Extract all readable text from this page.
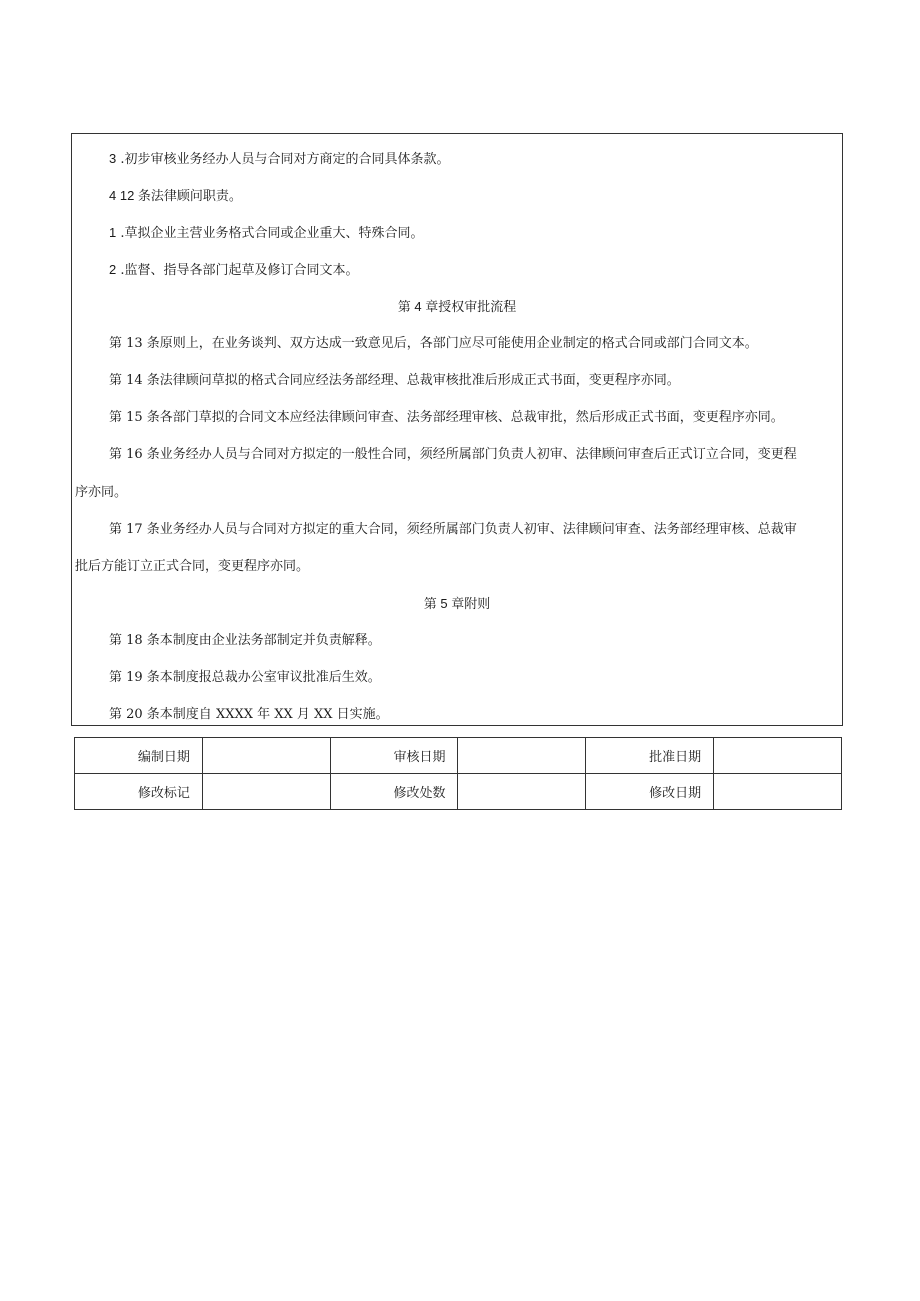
3 .初步审核业务经办人员与合同对方商定的合同具体条款。
4 12 条法律顾问职责。
1 .草拟企业主营业务格式合同或企业重大、特殊合同。
2 .监督、指导各部门起草及修订合同文本。
第 4 章授权审批流程
第 13 条原则上，在业务谈判、双方达成一致意见后，各部门应尽可能使用企业制定的格式合同或部门合同文本。
第 14 条法律顾问草拟的格式合同应经法务部经理、总裁审核批准后形成正式书面，变更程序亦同。
第 15 条各部门草拟的合同文本应经法律顾问审查、法务部经理审核、总裁审批，然后形成正式书面，变更程序亦同。
第 16 条业务经办人员与合同对方拟定的一般性合同，须经所属部门负责人初审、法律顾问审查后正式订立合同，变更程
序亦同。
第 17 条业务经办人员与合同对方拟定的重大合同，须经所属部门负责人初审、法律顾问审查、法务部经理审核、总裁审
批后方能订立正式合同，变更程序亦同。
第 5 章附则
第 18 条本制度由企业法务部制定并负责解释。
第 19 条本制度报总裁办公室审议批准后生效。
第 20 条本制度自 XXXX 年 XX 月 XX 日实施。
编制日期		审核日期		批准日期	
修改标记		修改处数		修改日期	
